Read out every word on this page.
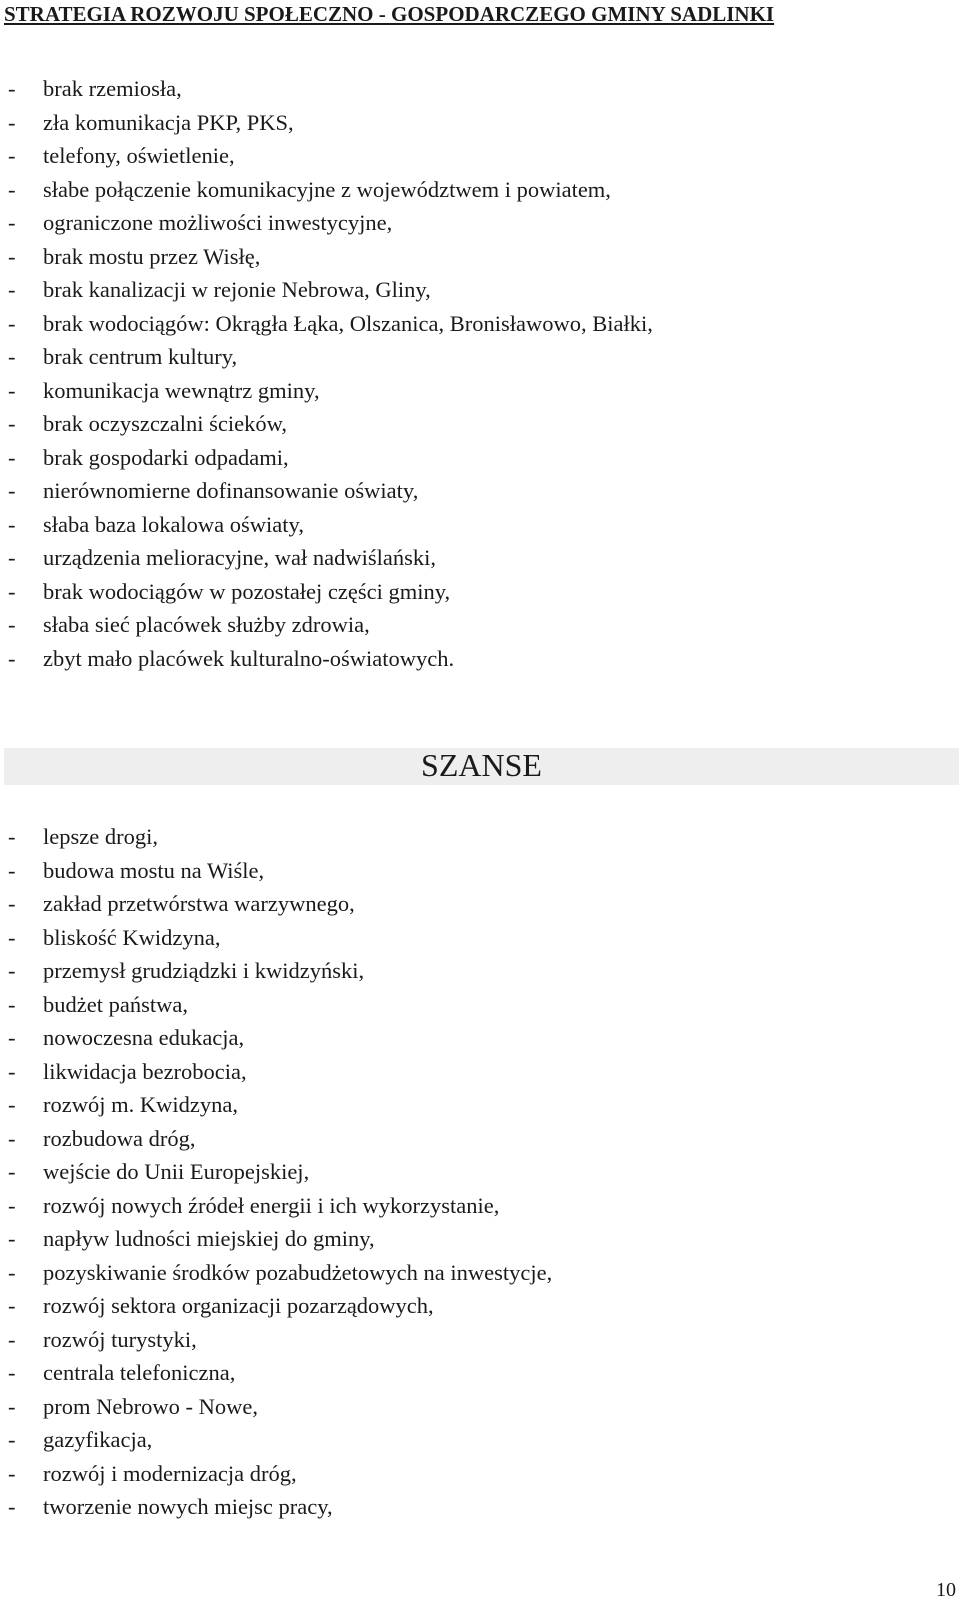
STRATEGIA ROZWOJU SPOŁECZNO - GOSPODARCZEGO GMINY SADLINKI
- brak rzemiosła,
- zła komunikacja PKP, PKS,
- telefony, oświetlenie,
- słabe połączenie komunikacyjne z województwem i powiatem,
- ograniczone możliwości inwestycyjne,
- brak mostu przez Wisłę,
- brak kanalizacji w rejonie Nebrowa, Gliny,
- brak wodociągów: Okrągła Łąka, Olszanica, Bronisławowo, Białki,
- brak centrum kultury,
- komunikacja wewnątrz gminy,
- brak oczyszczalni ścieków,
- brak gospodarki odpadami,
- nierównomierne dofinansowanie oświaty,
- słaba baza lokalowa oświaty,
- urządzenia melioracyjne, wał nadwiślański,
- brak wodociągów w pozostałej części gminy,
- słaba sieć placówek służby zdrowia,
- zbyt mało placówek kulturalno-oświatowych.
SZANSE
- lepsze drogi,
- budowa mostu na Wiśle,
- zakład przetwórstwa warzywnego,
- bliskość Kwidzyna,
- przemysł grudziądzki i kwidzyński,
- budżet państwa,
- nowoczesna edukacja,
- likwidacja bezrobocia,
- rozwój m. Kwidzyna,
- rozbudowa dróg,
- wejście do Unii Europejskiej,
- rozwój nowych źródeł energii i ich wykorzystanie,
- napływ ludności miejskiej do gminy,
- pozyskiwanie środków pozabudżetowych na inwestycje,
- rozwój sektora organizacji pozarządowych,
- rozwój turystyki,
- centrala telefoniczna,
- prom Nebrowo - Nowe,
- gazyfikacja,
- rozwój i modernizacja dróg,
- tworzenie nowych miejsc pracy,
10
